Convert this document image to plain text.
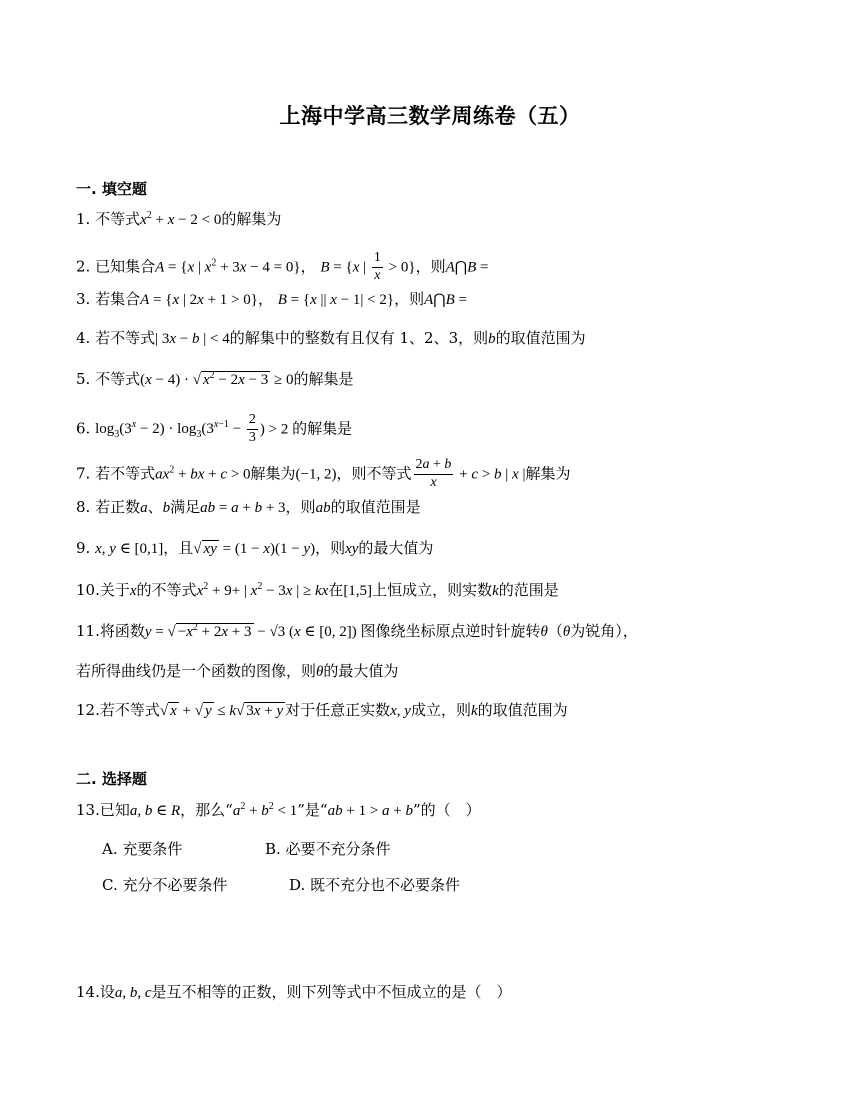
上海中学高三数学周练卷（五）
一. 填空题
1. 不等式$x^2 + x - 2 < 0$的解集为
2. 已知集合A = {x | $x^2 + 3x - 4 = 0$}， B = {x | $\frac{1}{x} > 0$}，则A⋂B =
3. 若集合A = {x | 2x + 1 > 0}， B = {x || x − 1| < 2}，则A⋂B =
4. 若不等式| 3x − b | < 4的解集中的整数有且仅有 1、2、3，则b的取值范围为
5. 不等式(x − 4) · √ $x^2 - 2x - 3 \ge 0$的解集是
6. $\log_3(3^x - 2) \cdot \log_3(3^{x-1} - \frac{2}{3}$ ) > 2 的解集是
7. 若不等式$ax^2$ + bx + c > 0解集为(−1, 2)，则不等式 $\frac{2a + b}{x} + c > b$ | x |解集为
8. 若正数a、b满足ab = a + b + 3，则ab的取值范围是
9. x, y ∈ [0,1]，且√ xy = (1 − x)(1 − y)，则xy的最大值为
10.关于x的不等式$x^2 + 9+$ | $x^2 - 3x$ | ≥ kx在[1,5]上恒成立，则实数k的范围是
11.将函数y = √ $-x^2 + 2x + 3 - √3$ (x ∈ [0, 2]) 图像绕坐标原点逆时针旋转θ（θ为锐角），
若所得曲线仍是一个函数的图像，则θ的最大值为
12.若不等式√ x + √ y ≤ k√ 3x + y 对于任意正实数x, y成立，则k的取值范围为
二. 选择题
13.已知a, b ∈ R，那么“$a^2 + b^2 < 1$”是“ab + 1 > a + b”的（　）
A. 充要条件	B. 必要不充分条件
C. 充分不必要条件	D. 既不充分也不必要条件
14.设a, b, c是互不相等的正数，则下列等式中不恒成立的是（　）
